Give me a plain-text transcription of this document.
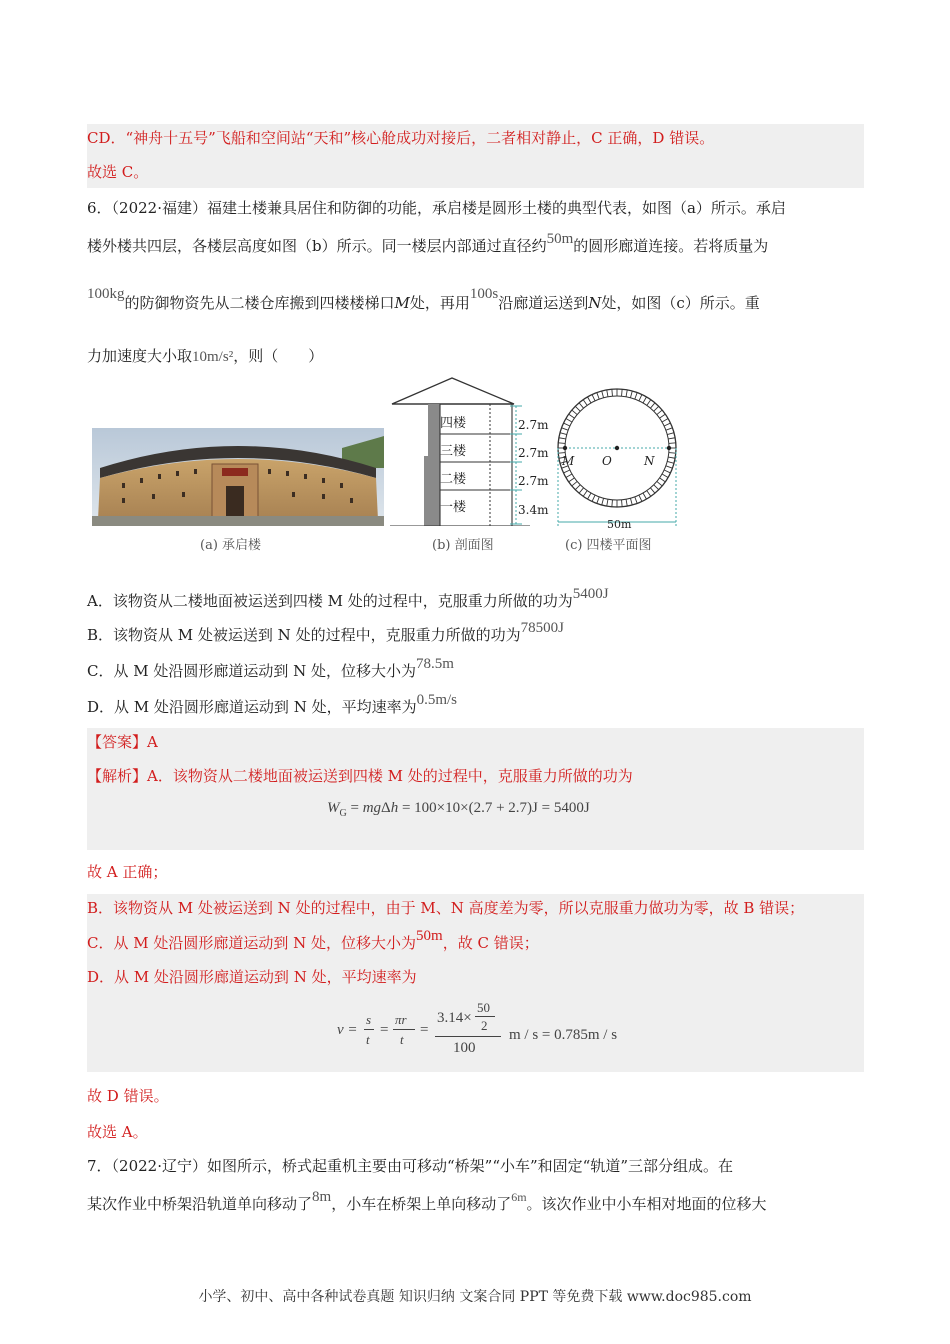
CD．“神舟十五号”飞船和空间站“天和”核心舱成功对接后，二者相对静止，C 正确，D 错误。
故选 C。
6．（2022·福建）福建土楼兼具居住和防御的功能，承启楼是圆形土楼的典型代表，如图（a）所示。承启
楼外楼共四层，各楼层高度如图（b）所示。同一楼层内部通过直径约50m的圆形廊道连接。若将质量为
100kg的防御物资先从二楼仓库搬到四楼楼梯口M处，再用100s沿廊道运送到N处，如图（c）所示。重
力加速度大小取10m/s²，则（　　）
(a) 承启楼
四楼
三楼
二楼
一楼
2.7m
2.7m
2.7m
3.4m
(b) 剖面图
M O	N
50m
(c) 四楼平面图
A．该物资从二楼地面被运送到四楼 M 处的过程中，克服重力所做的功为5400J
B．该物资从 M 处被运送到 N 处的过程中，克服重力所做的功为78500J
C．从 M 处沿圆形廊道运动到 N 处，位移大小为78.5m
D．从 M 处沿圆形廊道运动到 N 处，平均速率为0.5m/s
【答案】A
【解析】A．该物资从二楼地面被运送到四楼 M 处的过程中，克服重力所做的功为
$W_G = mg\Delta h = 100\times 10\times(2.7 + 2.7)J = 5400J$
故 A 正确；
B．该物资从 M 处被运送到 N 处的过程中，由于 M、N 高度差为零，所以克服重力做功为零，故 B 错误；
C．从 M 处沿圆形廊道运动到 N 处，位移大小为50m，故 C 错误；
D．从 M 处沿圆形廊道运动到 N 处，平均速率为
v =
s
t
=
πr
t
=
3.14×
50
2
100
m / s = 0.785m / s
故 D 错误。
故选 A。
7．（2022·辽宁）如图所示，桥式起重机主要由可移动“桥架”“小车”和固定“轨道”三部分组成。在
某次作业中桥架沿轨道单向移动了8m，小车在桥架上单向移动了$^{6m}$。该次作业中小车相对地面的位移大
小学、初中、高中各种试卷真题 知识归纳 文案合同 PPT 等免费下载 www.doc985.com
